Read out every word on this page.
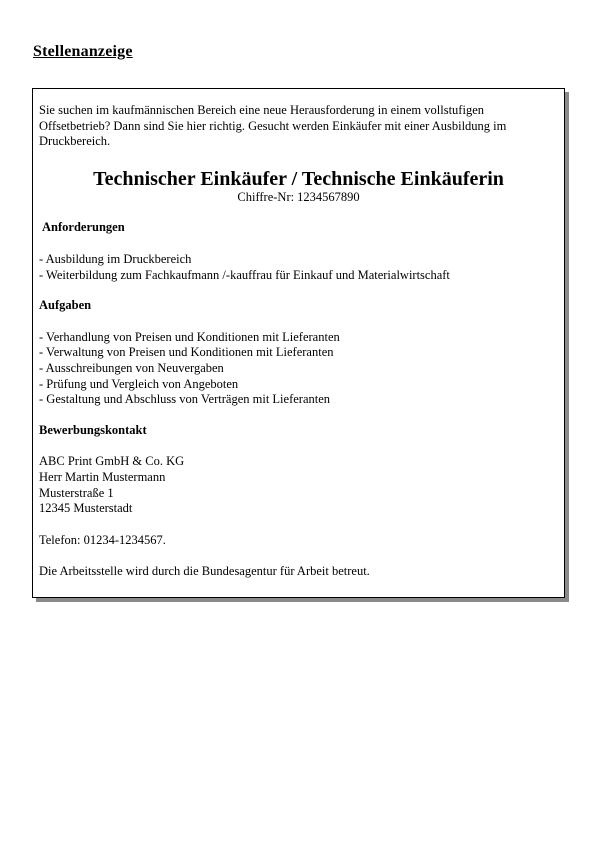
Stellenanzeige

Sie suchen im kaufmännischen Bereich eine neue Herausforderung in einem vollstufigen Offsetbetrieb? Dann sind Sie hier richtig. Gesucht werden Einkäufer mit einer Ausbildung im Druckbereich.

Technischer Einkäufer / Technische Einkäuferin
Chiffre-Nr: 1234567890
Anforderungen
- Ausbildung im Druckbereich
- Weiterbildung zum Fachkaufmann /-kauffrau für Einkauf und Materialwirtschaft
Aufgaben
- Verhandlung von Preisen und Konditionen mit Lieferanten
- Verwaltung von Preisen und Konditionen mit Lieferanten
- Ausschreibungen von Neuvergaben
- Prüfung und Vergleich von Angeboten
- Gestaltung und Abschluss von Verträgen mit Lieferanten
Bewerbungskontakt

ABC Print GmbH & Co. KG

Herr Martin Mustermann

Musterstraße 1

12345 Musterstadt

Telefon: 01234-1234567.

Die Arbeitsstelle wird durch die Bundesagentur für Arbeit betreut.
